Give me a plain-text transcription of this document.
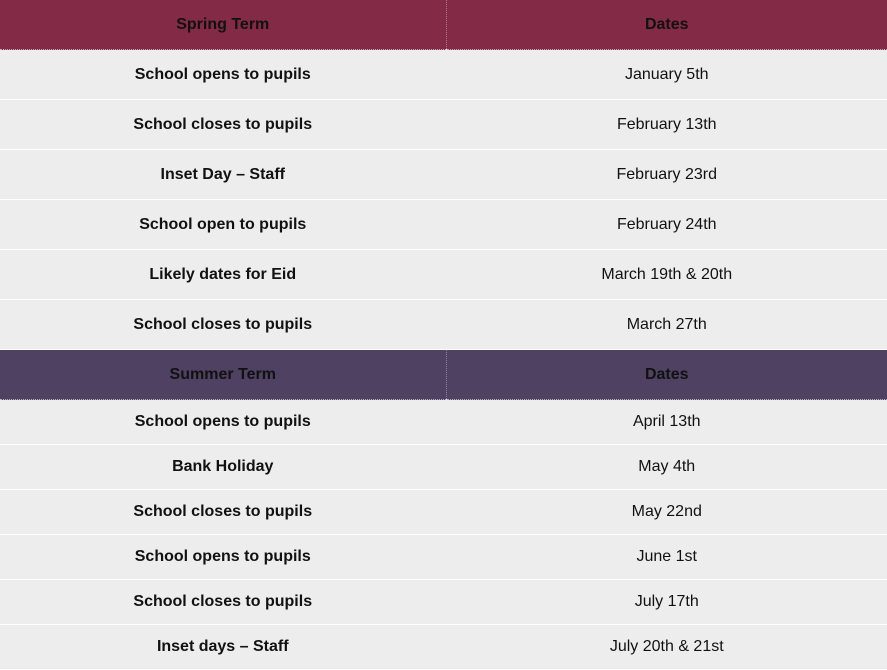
Spring Term	Dates
School opens to pupils	January 5th
School closes to pupils	February 13th
Inset Day – Staff	February 23rd
School open to pupils	February 24th
Likely dates for Eid	March 19th & 20th
School closes to pupils	March 27th
Summer Term	Dates
School opens to pupils	April 13th
Bank Holiday	May 4th
School closes to pupils	May 22nd
School opens to pupils	June 1st
School closes to pupils	July 17th
Inset days – Staff	July 20th & 21st
